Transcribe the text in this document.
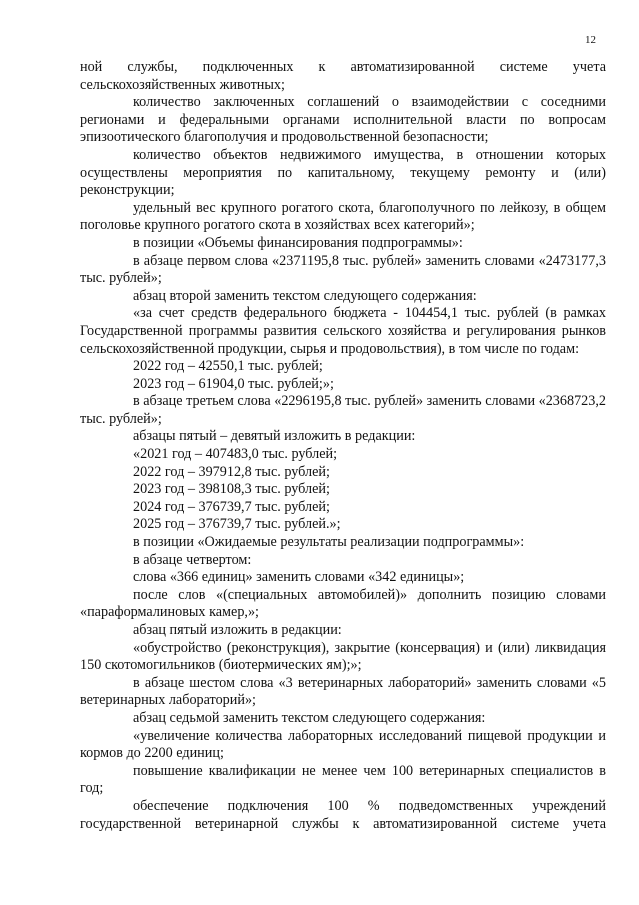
12

ной службы, подключенных к автоматизированной системе учета сельскохозяйственных животных;

количество заключенных соглашений о взаимодействии с соседними регионами и федеральными органами исполнительной власти по вопросам эпизоотического благополучия и продовольственной безопасности;

количество объектов недвижимого имущества, в отношении которых осуществлены мероприятия по капитальному, текущему ремонту и (или) реконструкции;

удельный вес крупного рогатого скота, благополучного по лейкозу, в общем поголовье крупного рогатого скота в хозяйствах всех категорий»;

в позиции «Объемы финансирования подпрограммы»:

в абзаце первом слова «2371195,8 тыс. рублей» заменить словами «2473177,3 тыс. рублей»;

абзац второй заменить текстом следующего содержания:

«за счет средств федерального бюджета - 104454,1 тыс. рублей (в рамках Государственной программы развития сельского хозяйства и регулирования рынков сельскохозяйственной продукции, сырья и продовольствия), в том числе по годам:

2022 год – 42550,1 тыс. рублей;

2023 год – 61904,0 тыс. рублей;»;

в абзаце третьем слова «2296195,8 тыс. рублей» заменить словами «2368723,2 тыс. рублей»;

абзацы пятый – девятый изложить в редакции:

«2021 год – 407483,0 тыс. рублей;

2022 год – 397912,8 тыс. рублей;

2023 год – 398108,3 тыс. рублей;

2024 год – 376739,7 тыс. рублей;

2025 год – 376739,7 тыс. рублей.»;

в позиции «Ожидаемые результаты реализации подпрограммы»:

в абзаце четвертом:

слова «366 единиц» заменить словами «342 единицы»;

после слов «(специальных автомобилей)» дополнить позицию словами «параформалиновых камер,»;

абзац пятый изложить в редакции:

«обустройство (реконструкция), закрытие (консервация) и (или) ликвидация 150 скотомогильников (биотермических ям);»;

в абзаце шестом слова «3 ветеринарных лабораторий» заменить словами «5 ветеринарных лабораторий»;

абзац седьмой заменить текстом следующего содержания:

«увеличение количества лабораторных исследований пищевой продукции и кормов до 2200 единиц;

повышение квалификации не менее чем 100 ветеринарных специалистов в год;

обеспечение подключения 100 % подведомственных учреждений государственной ветеринарной службы к автоматизированной системе учета
